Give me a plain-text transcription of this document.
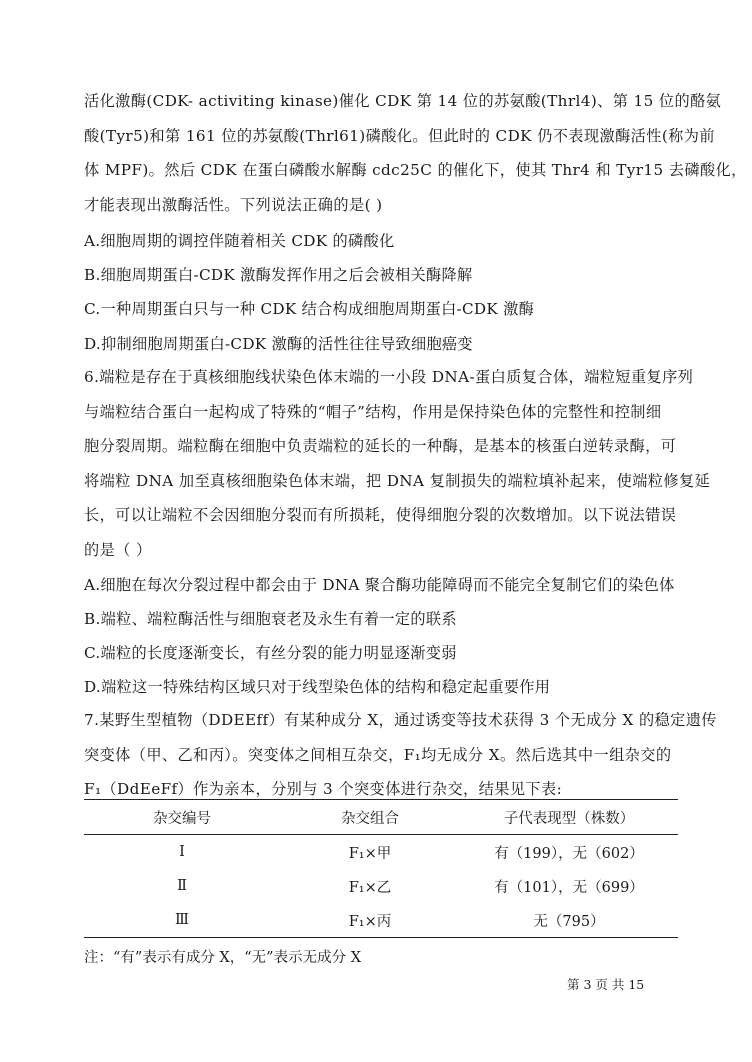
活化激酶(CDK- activiting kinase)催化 CDK 第 14 位的苏氨酸(Thrl4)、第 15 位的酪氨
酸(Tyr5)和第 161 位的苏氨酸(Thrl61)磷酸化。但此时的 CDK 仍不表现激酶活性(称为前
体 MPF)。然后 CDK 在蛋白磷酸水解酶 cdc25C 的催化下，使其 Thr4 和 Tyr15 去磷酸化，
才能表现出激酶活性。下列说法正确的是( )
A.细胞周期的调控伴随着相关 CDK 的磷酸化
B.细胞周期蛋白-CDK 激酶发挥作用之后会被相关酶降解
C.一种周期蛋白只与一种 CDK 结合构成细胞周期蛋白-CDK 激酶
D.抑制细胞周期蛋白-CDK 激酶的活性往往导致细胞癌变
6.端粒是存在于真核细胞线状染色体末端的一小段 DNA-蛋白质复合体，端粒短重复序列
与端粒结合蛋白一起构成了特殊的“帽子”结构，作用是保持染色体的完整性和控制细
胞分裂周期。端粒酶在细胞中负责端粒的延长的一种酶，是基本的核蛋白逆转录酶，可
将端粒 DNA 加至真核细胞染色体末端，把 DNA 复制损失的端粒填补起来，使端粒修复延
长，可以让端粒不会因细胞分裂而有所损耗，使得细胞分裂的次数增加。以下说法错误
的是（ ）
A.细胞在每次分裂过程中都会由于 DNA 聚合酶功能障碍而不能完全复制它们的染色体
B.端粒、端粒酶活性与细胞衰老及永生有着一定的联系
C.端粒的长度逐渐变长，有丝分裂的能力明显逐渐变弱
D.端粒这一特殊结构区域只对于线型染色体的结构和稳定起重要作用
7.某野生型植物（DDEEff）有某种成分 X，通过诱变等技术获得 3 个无成分 X 的稳定遗传
突变体（甲、乙和丙）。突变体之间相互杂交，F₁均无成分 X。然后选其中一组杂交的
F₁（DdEeFf）作为亲本，分别与 3 个突变体进行杂交，结果见下表:
杂交编号	杂交组合	子代表现型（株数）
Ⅰ	F₁×甲	有（199），无（602）
Ⅱ	F₁×乙	有（101），无（699）
Ⅲ	F₁×丙	无（795）
注：“有”表示有成分 X，“无”表示无成分 X
第 3 页 共 15
